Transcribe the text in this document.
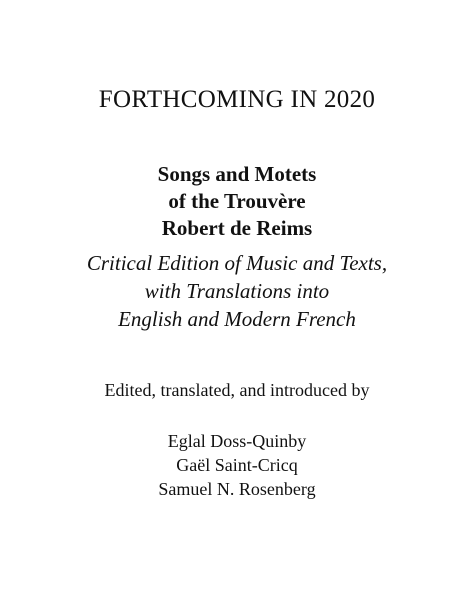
FORTHCOMING IN 2020

Songs and Motets

of the Trouvère

Robert de Reims

Critical Edition of Music and Texts,

with Translations into

English and Modern French

Edited, translated, and introduced by

Eglal Doss-Quinby

Gaël Saint-Cricq

Samuel N. Rosenberg
